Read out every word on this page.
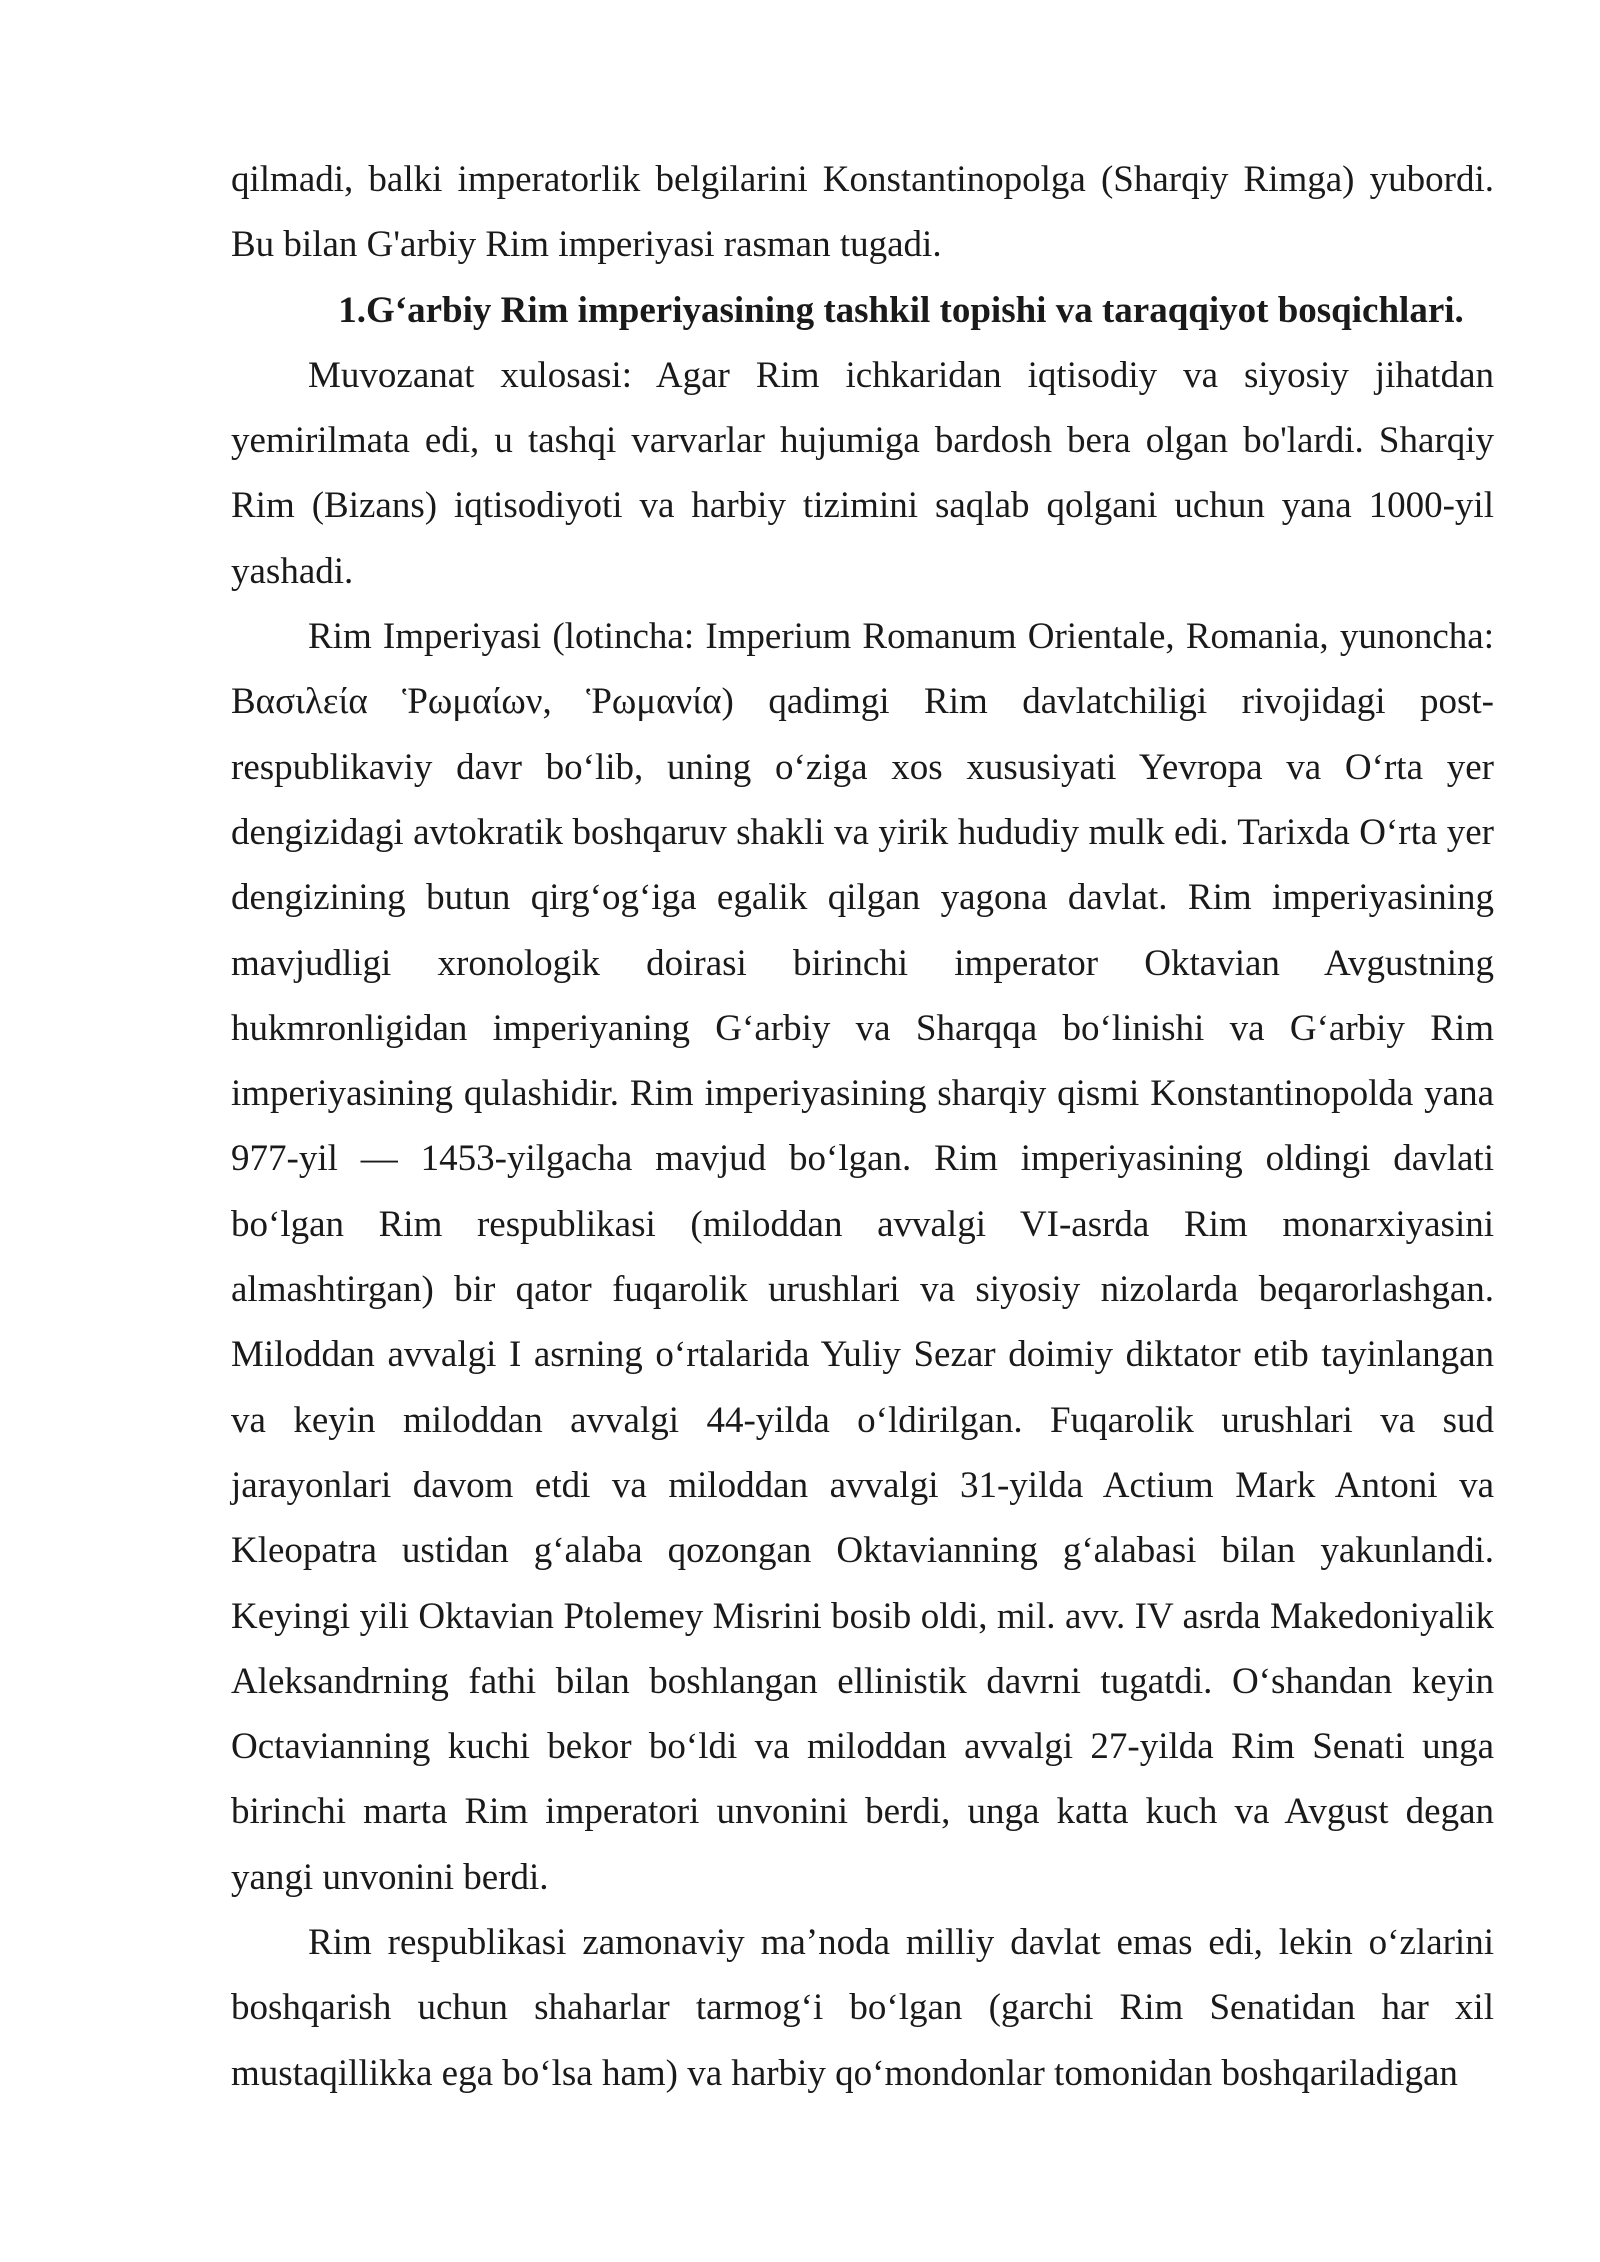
qilmadi, balki imperatorlik belgilarini Konstantinopolga (Sharqiy Rimga) yubordi. Bu bilan G'arbiy Rim imperiyasi rasman tugadi.

1.G‘arbiy Rim imperiyasining tashkil topishi va taraqqiyot bosqichlari.

Muvozanat xulosasi: Agar Rim ichkaridan iqtisodiy va siyosiy jihatdan yemirilmata edi, u tashqi varvarlar hujumiga bardosh bera olgan bo'lardi. Sharqiy Rim (Bizans) iqtisodiyoti va harbiy tizimini saqlab qolgani uchun yana 1000-yil yashadi.

Rim Imperiyasi (lotincha: Imperium Romanum Orientale, Romania, yunoncha: Βασιλεία Ῥωμαίων, Ῥωμανία) qadimgi Rim davlatchiligi rivojidagi post-respublikaviy davr bo‘lib, uning o‘ziga xos xususiyati Yevropa va O‘rta yer dengizidagi avtokratik boshqaruv shakli va yirik hududiy mulk edi. Tarixda O‘rta yer dengizining butun qirg‘og‘iga egalik qilgan yagona davlat. Rim imperiyasining mavjudligi xronologik doirasi birinchi imperator Oktavian Avgustning hukmronligidan imperiyaning G‘arbiy va Sharqqa bo‘linishi va G‘arbiy Rim imperiyasining qulashidir. Rim imperiyasining sharqiy qismi Konstantinopolda yana 977-yil — 1453-yilgacha mavjud bo‘lgan. Rim imperiyasining oldingi davlati bo‘lgan Rim respublikasi (miloddan avvalgi VI-asrda Rim monarxiyasini almashtirgan) bir qator fuqarolik urushlari va siyosiy nizolarda beqarorlashgan. Miloddan avvalgi I asrning o‘rtalarida Yuliy Sezar doimiy diktator etib tayinlangan va keyin miloddan avvalgi 44-yilda o‘ldirilgan. Fuqarolik urushlari va sud jarayonlari davom etdi va miloddan avvalgi 31-yilda Actium Mark Antoni va Kleopatra ustidan g‘alaba qozongan Oktavianning g‘alabasi bilan yakunlandi. Keyingi yili Oktavian Ptolemey Misrini bosib oldi, mil. avv. IV asrda Makedoniyalik Aleksandrning fathi bilan boshlangan ellinistik davrni tugatdi. O‘shandan keyin Octavianning kuchi bekor bo‘ldi va miloddan avvalgi 27-yilda Rim Senati unga birinchi marta Rim imperatori unvonini berdi, unga katta kuch va Avgust degan yangi unvonini berdi.

Rim respublikasi zamonaviy ma’noda milliy davlat emas edi, lekin o‘zlarini boshqarish uchun shaharlar tarmog‘i bo‘lgan (garchi Rim Senatidan har xil mustaqillikka ega bo‘lsa ham) va harbiy qo‘mondonlar tomonidan boshqariladigan
